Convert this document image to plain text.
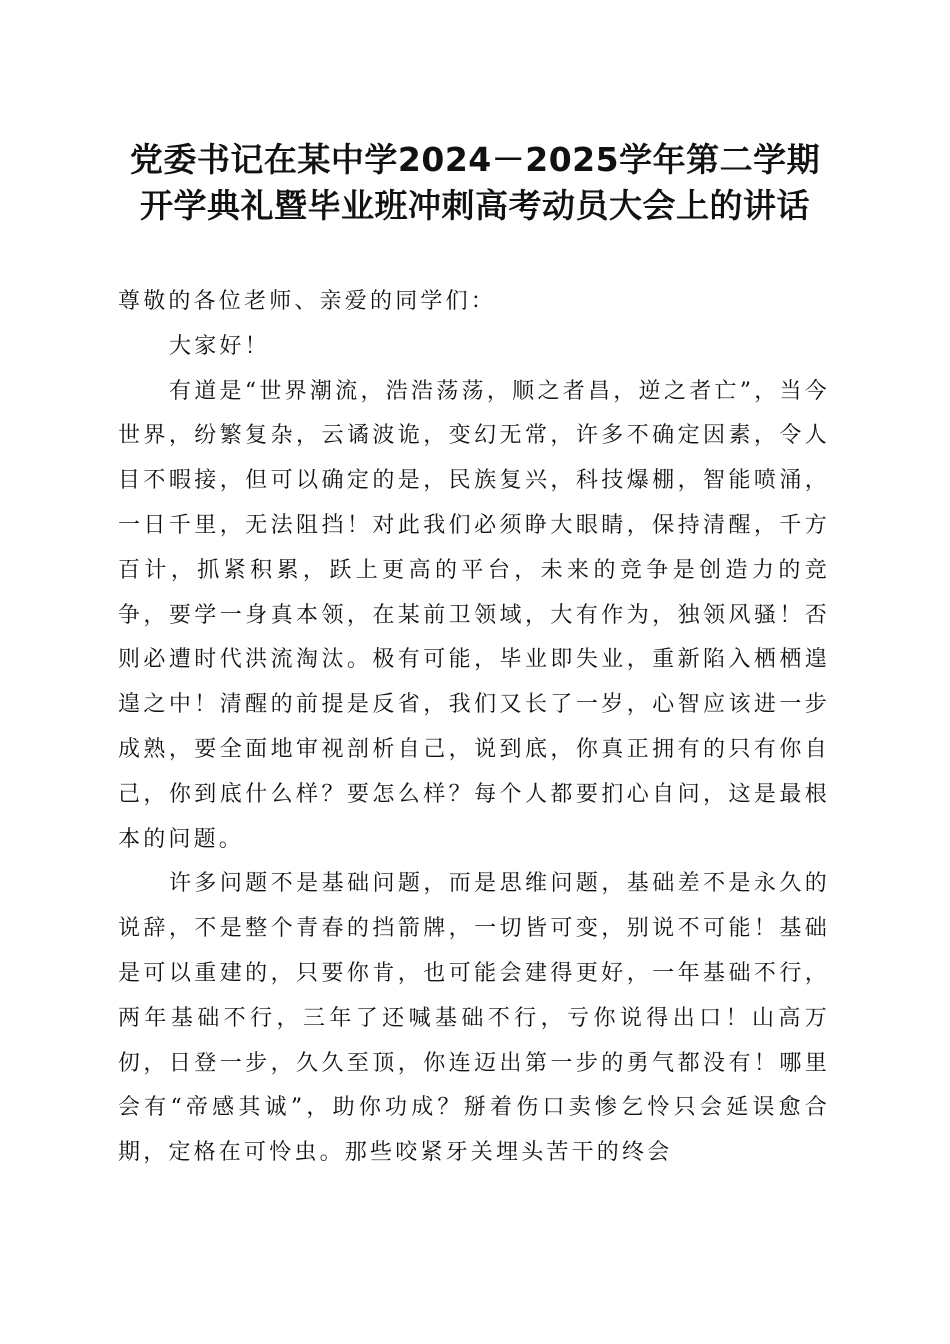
党委书记在某中学2024－2025学年第二学期
开学典礼暨毕业班冲刺高考动员大会上的讲话

尊敬的各位老师、亲爱的同学们：

大家好！

有道是“世界潮流，浩浩荡荡，顺之者昌，逆之者亡”，当今世界，纷繁复杂，云谲波诡，变幻无常，许多不确定因素，令人目不暇接，但可以确定的是，民族复兴，科技爆棚，智能喷涌，一日千里，无法阻挡！对此我们必须睁大眼睛，保持清醒，千方百计，抓紧积累，跃上更高的平台，未来的竞争是创造力的竞争，要学一身真本领，在某前卫领域，大有作为，独领风骚！否则必遭时代洪流淘汰。极有可能，毕业即失业，重新陷入栖栖遑遑之中！清醒的前提是反省，我们又长了一岁，心智应该进一步成熟，要全面地审视剖析自己，说到底，你真正拥有的只有你自己，你到底什么样？要怎么样？每个人都要扪心自问，这是最根本的问题。

许多问题不是基础问题，而是思维问题，基础差不是永久的说辞，不是整个青春的挡箭牌，一切皆可变，别说不可能！基础是可以重建的，只要你肯，也可能会建得更好，一年基础不行，两年基础不行，三年了还喊基础不行，亏你说得出口！山高万仞，日登一步，久久至顶，你连迈出第一步的勇气都没有！哪里会有“帝感其诚”，助你功成？掰着伤口卖惨乞怜只会延误愈合期，定格在可怜虫。那些咬紧牙关埋头苦干的终会
